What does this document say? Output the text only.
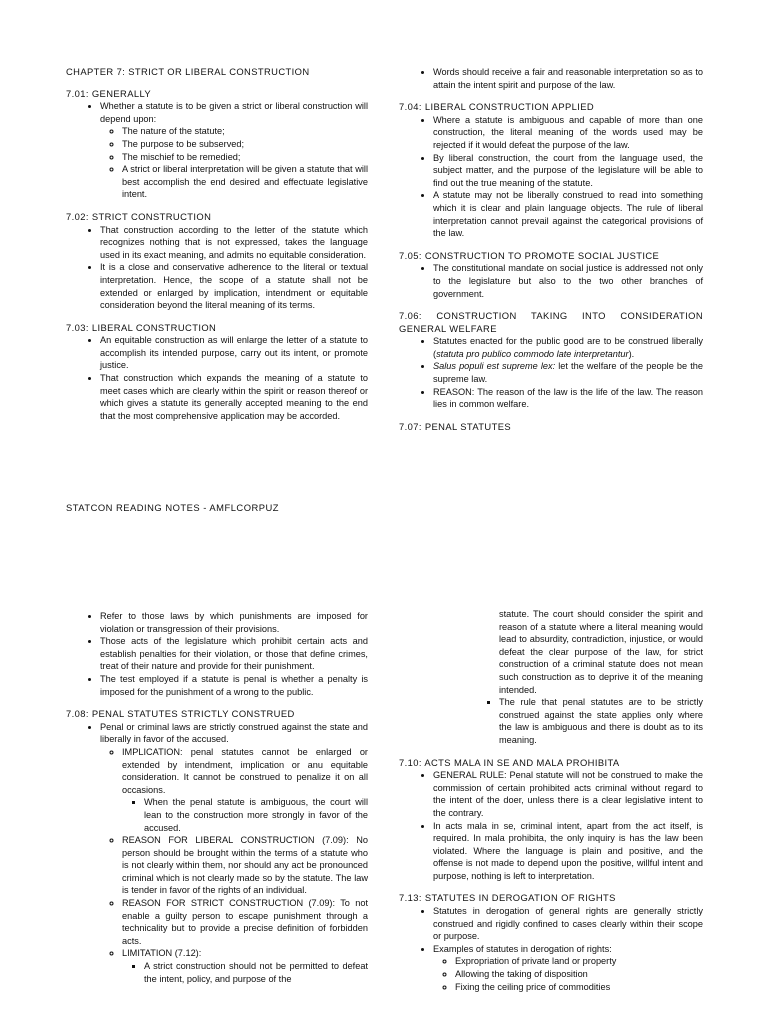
CHAPTER 7: STRICT OR LIBERAL CONSTRUCTION

7.01: GENERALLY

• Whether a statute is to be given a strict or liberal construction will depend upon:
◦ The nature of the statute;
◦ The purpose to be subserved;
◦ The mischief to be remedied;
◦ A strict or liberal interpretation will be given a statute that will best accomplish the end desired and effectuate legislative intent.

7.02: STRICT CONSTRUCTION

• That construction according to the letter of the statute which recognizes nothing that is not expressed, takes the language used in its exact meaning, and admits no equitable consideration.
• It is a close and conservative adherence to the literal or textual interpretation. Hence, the scope of a statute shall not be extended or enlarged by implication, intendment or equitable consideration beyond the literal meaning of its terms.

7.03: LIBERAL CONSTRUCTION

• An equitable construction as will enlarge the letter of a statute to accomplish its intended purpose, carry out its intent, or promote justice.
• That construction which expands the meaning of a statute to meet cases which are clearly within the spirit or reason thereof or which gives a statute its generally accepted meaning to the end that the most comprehensive application may be accorded.
• Words should receive a fair and reasonable interpretation so as to attain the intent spirit and purpose of the law.

7.04: LIBERAL CONSTRUCTION APPLIED

• Where a statute is ambiguous and capable of more than one construction, the literal meaning of the words used may be rejected if it would defeat the purpose of the law.
• By liberal construction, the court from the language used, the subject matter, and the purpose of the legislature will be able to find out the true meaning of the statute.
• A statute may not be liberally construed to read into something which it is clear and plain language objects. The rule of liberal interpretation cannot prevail against the categorical provisions of the law.

7.05: CONSTRUCTION TO PROMOTE SOCIAL JUSTICE

• The constitutional mandate on social justice is addressed not only to the legislature but also to the two other branches of government.

7.06: CONSTRUCTION TAKING INTO CONSIDERATION GENERAL WELFARE

• Statutes enacted for the public good are to be construed liberally (statuta pro publico commodo late interpretantur).
• Salus populi est supreme lex: let the welfare of the people be the supreme law.
• REASON: The reason of the law is the life of the law. The reason lies in common welfare.

7.07: PENAL STATUTES

STATCON READING NOTES - AMFLCORPUZ
• Refer to those laws by which punishments are imposed for violation or transgression of their provisions.
• Those acts of the legislature which prohibit certain acts and establish penalties for their violation, or those that define crimes, treat of their nature and provide for their punishment.
• The test employed if a statute is penal is whether a penalty is imposed for the punishment of a wrong to the public.

7.08: PENAL STATUTES STRICTLY CONSTRUED

• Penal or criminal laws are strictly construed against the state and liberally in favor of the accused.
◦ IMPLICATION: penal statutes cannot be enlarged or extended by intendment, implication or anu equitable consideration. It cannot be construed to penalize it on all occasions.
▪ When the penal statute is ambiguous, the court will lean to the construction more strongly in favor of the accused.
◦ REASON FOR LIBERAL CONSTRUCTION (7.09): No person should be brought within the terms of a statute who is not clearly within them, nor should any act be pronounced criminal which is not clearly made so by the statute. The law is tender in favor of the rights of an individual.
◦ REASON FOR STRICT CONSTRUCTION (7.09): To not enable a guilty person to escape punishment through a technicality but to provide a precise definition of forbidden acts.
◦ LIMITATION (7.12):
▪ A strict construction should not be permitted to defeat the intent, policy, and purpose of the
statute. The court should consider the spirit and reason of a statute where a literal meaning would lead to absurdity, contradiction, injustice, or would defeat the clear purpose of the law, for strict construction of a criminal statute does not mean such construction as to deprive it of the meaning intended.
▪ The rule that penal statutes are to be strictly construed against the state applies only where the law is ambiguous and there is doubt as to its meaning.

7.10: ACTS MALA IN SE AND MALA PROHIBITA

• GENERAL RULE: Penal statute will not be construed to make the commission of certain prohibited acts criminal without regard to the intent of the doer, unless there is a clear legislative intent to the contrary.
• In acts mala in se, criminal intent, apart from the act itself, is required. In mala prohibita, the only inquiry is has the law been violated. Where the language is plain and positive, and the offense is not made to depend upon the positive, willful intent and purpose, nothing is left to interpretation.

7.13: STATUTES IN DEROGATION OF RIGHTS

• Statutes in derogation of general rights are generally strictly construed and rigidly confined to cases clearly within their scope or purpose.
• Examples of statutes in derogation of rights:
◦ Expropriation of private land or property
◦ Allowing the taking of disposition
◦ Fixing the ceiling price of commodities
